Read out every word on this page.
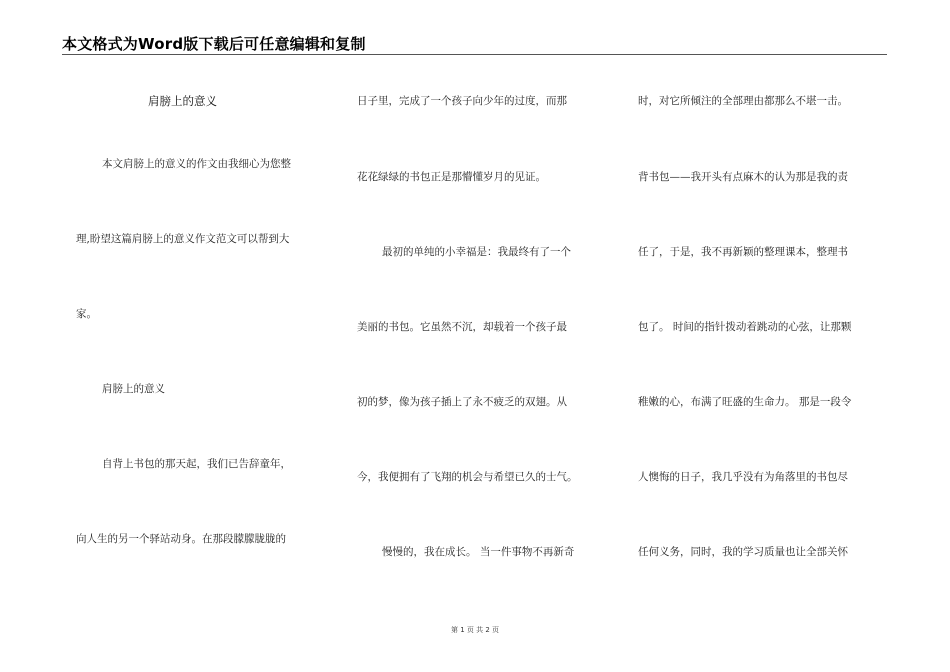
本文格式为Word版下载后可任意编辑和复制
肩膀上的意义
本文肩膀上的意义的作文由我细心为您整
理,盼望这篇肩膀上的意义作文范文可以帮到大
家。
肩膀上的意义
自背上书包的那天起，我们已告辞童年，
向人生的另一个驿站动身。在那段朦朦胧胧的
日子里，完成了一个孩子向少年的过度，而那
花花绿绿的书包正是那懵懂岁月的见证。
最初的单纯的小幸福是：我最终有了一个
美丽的书包。它虽然不沉，却载着一个孩子最
初的梦，像为孩子插上了永不疲乏的双翅。从
今，我便拥有了飞翔的机会与希望已久的士气。
慢慢的，我在成长。 当一件事物不再新奇
时，对它所倾注的全部理由都那么不堪一击。
背书包——我开头有点麻木的认为那是我的责
任了，于是，我不再新颖的整理课本，整理书
包了。 时间的指针拨动着跳动的心弦，让那颗
稚嫩的心，布满了旺盛的生命力。 那是一段令
人懊悔的日子，我几乎没有为角落里的书包尽
任何义务，同时，我的学习质量也让全部关怀
第 1 页 共 2 页
